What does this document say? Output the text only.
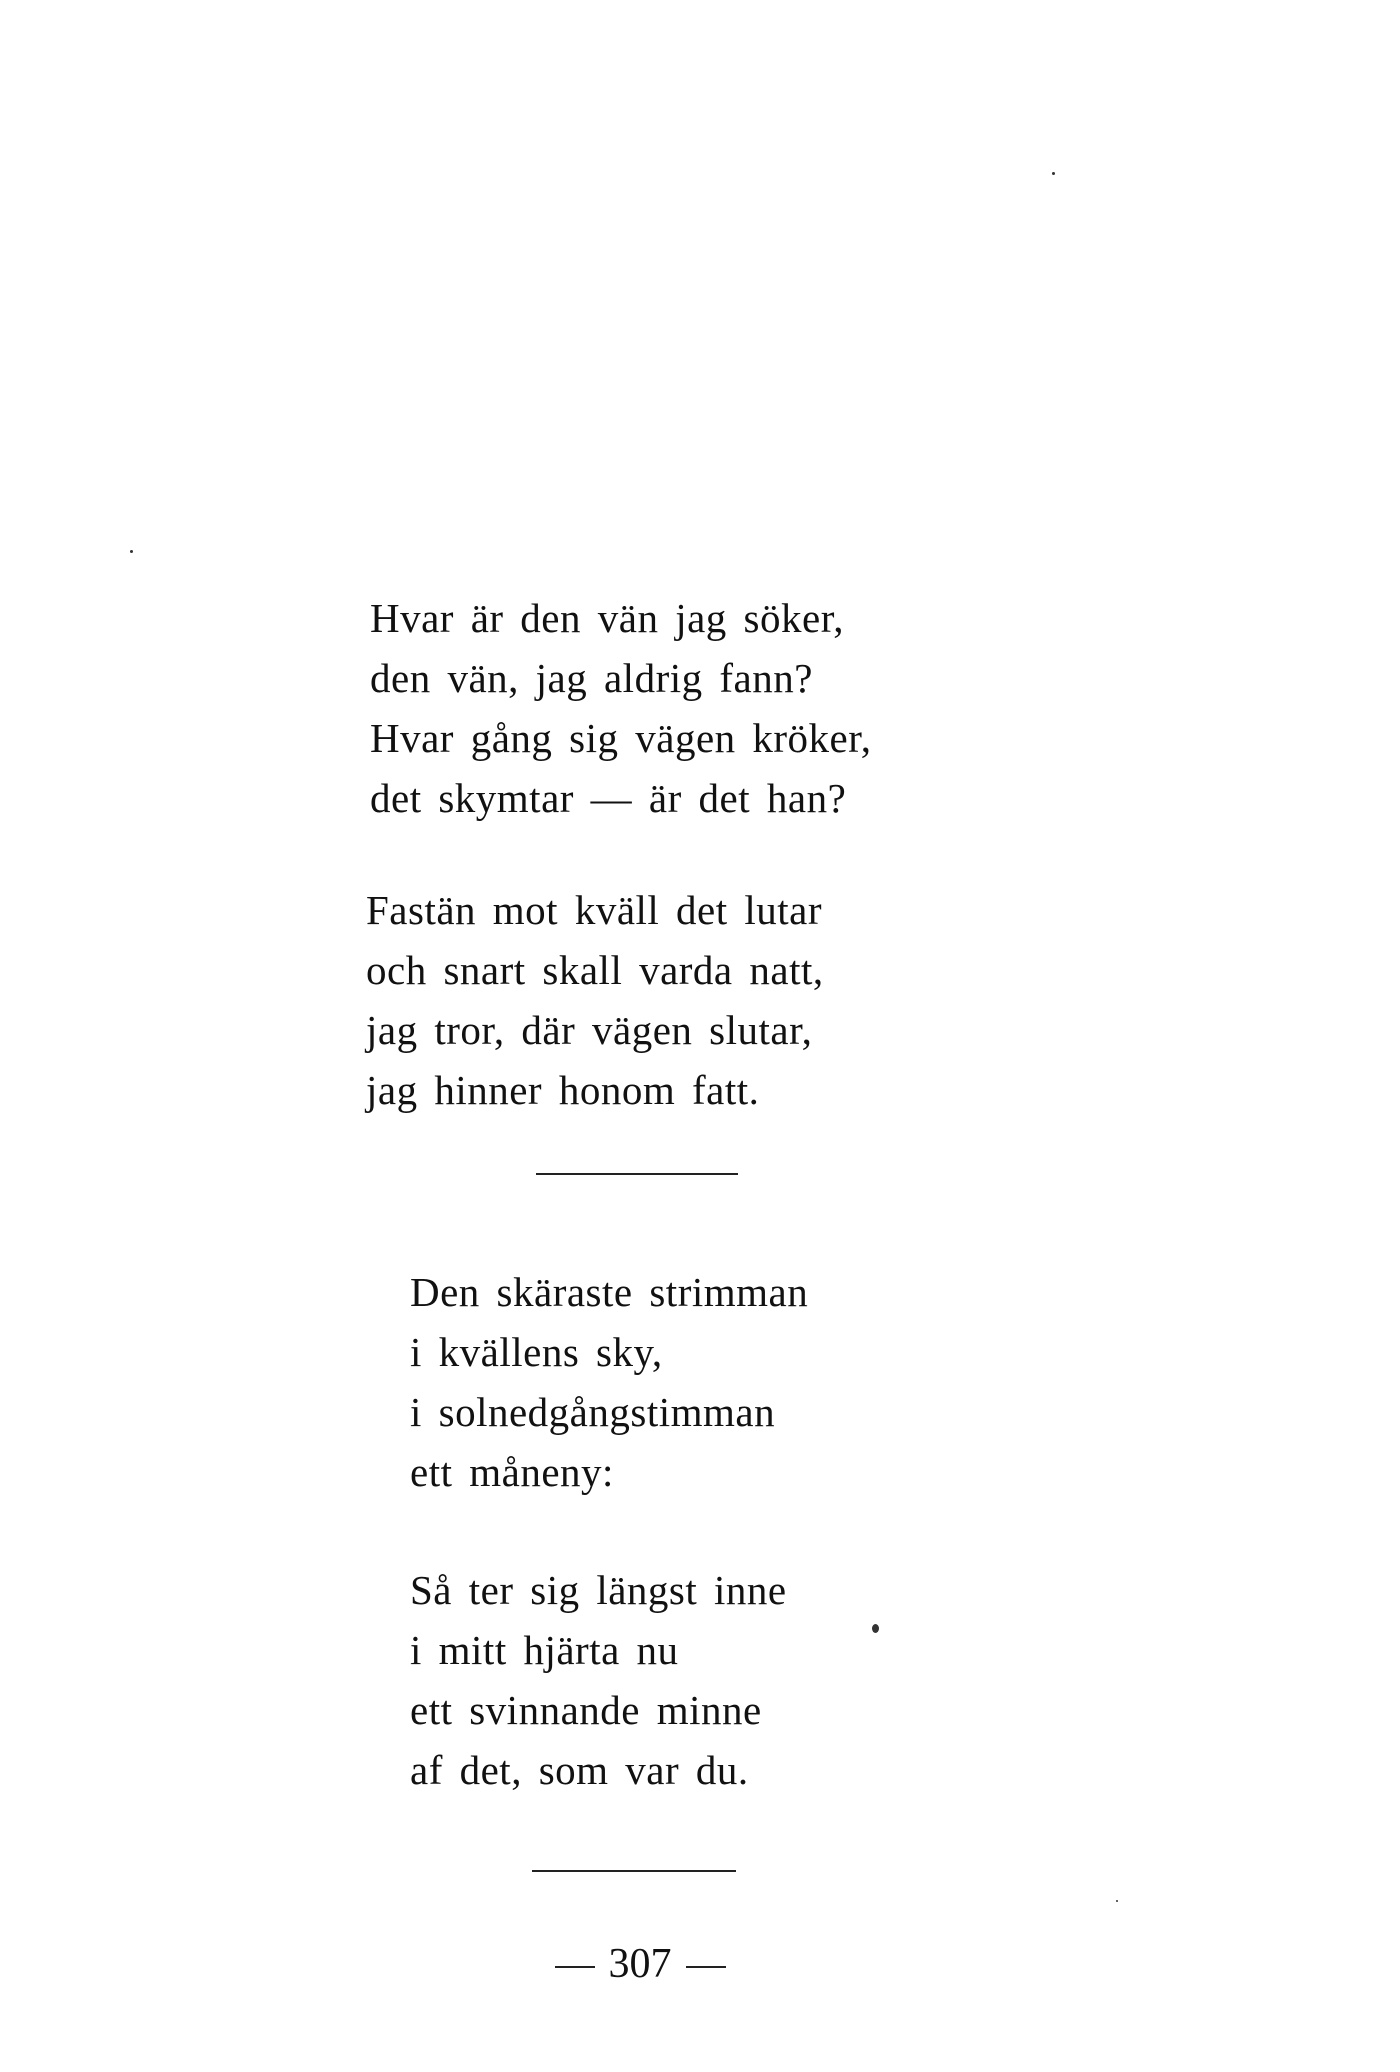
Hvar är den vän jag söker,
den vän, jag aldrig fann?
Hvar gång sig vägen kröker,
det skymtar — är det han?
Fastän mot kväll det lutar
och snart skall varda natt,
jag tror, där vägen slutar,
jag hinner honom fatt.
Den skäraste strimman
i kvällens sky,
i solnedgångstimman
ett måneny:
Så ter sig längst inne
i mitt hjärta nu
ett svinnande minne
af det, som var du.
307
